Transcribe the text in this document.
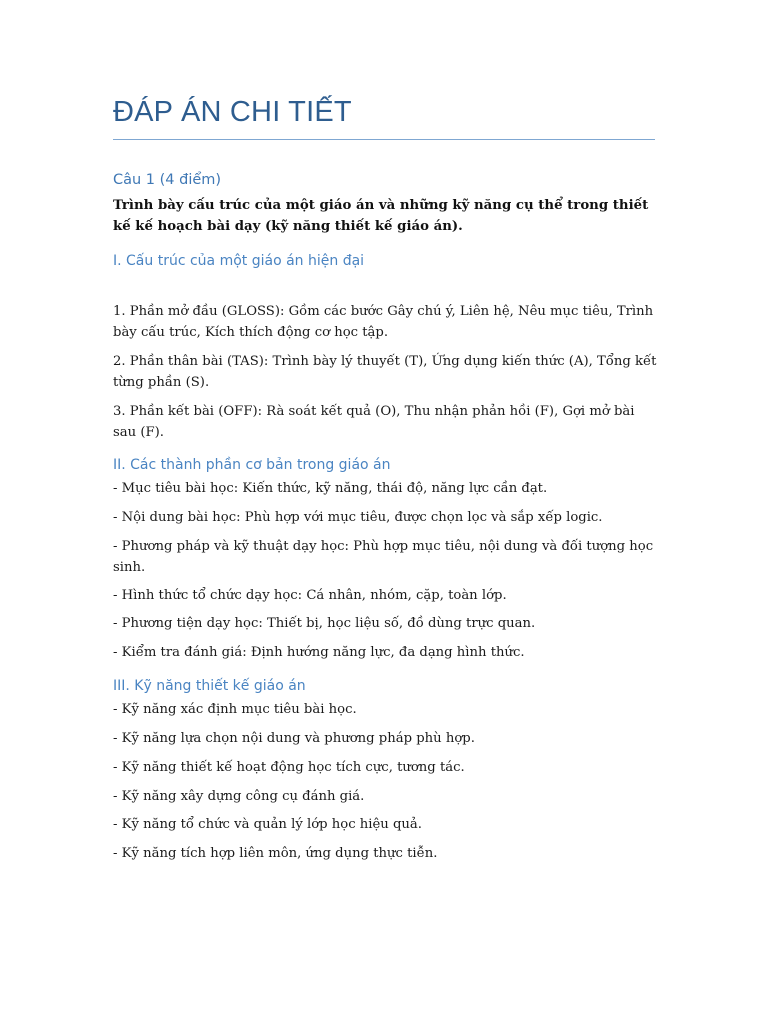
ĐÁP ÁN CHI TIẾT
Câu 1 (4 điểm)

Trình bày cấu trúc của một giáo án và những kỹ năng cụ thể trong thiết kế kế hoạch bài dạy (kỹ năng thiết kế giáo án).

I. Cấu trúc của một giáo án hiện đại

1. Phần mở đầu (GLOSS): Gồm các bước Gây chú ý, Liên hệ, Nêu mục tiêu, Trình bày cấu trúc, Kích thích động cơ học tập.

2. Phần thân bài (TAS): Trình bày lý thuyết (T), Ứng dụng kiến thức (A), Tổng kết từng phần (S).

3. Phần kết bài (OFF): Rà soát kết quả (O), Thu nhận phản hồi (F), Gợi mở bài sau (F).

II. Các thành phần cơ bản trong giáo án

- Mục tiêu bài học: Kiến thức, kỹ năng, thái độ, năng lực cần đạt.

- Nội dung bài học: Phù hợp với mục tiêu, được chọn lọc và sắp xếp logic.

- Phương pháp và kỹ thuật dạy học: Phù hợp mục tiêu, nội dung và đối tượng học sinh.

- Hình thức tổ chức dạy học: Cá nhân, nhóm, cặp, toàn lớp.

- Phương tiện dạy học: Thiết bị, học liệu số, đồ dùng trực quan.

- Kiểm tra đánh giá: Định hướng năng lực, đa dạng hình thức.

III. Kỹ năng thiết kế giáo án

- Kỹ năng xác định mục tiêu bài học.

- Kỹ năng lựa chọn nội dung và phương pháp phù hợp.

- Kỹ năng thiết kế hoạt động học tích cực, tương tác.

- Kỹ năng xây dựng công cụ đánh giá.

- Kỹ năng tổ chức và quản lý lớp học hiệu quả.

- Kỹ năng tích hợp liên môn, ứng dụng thực tiễn.
